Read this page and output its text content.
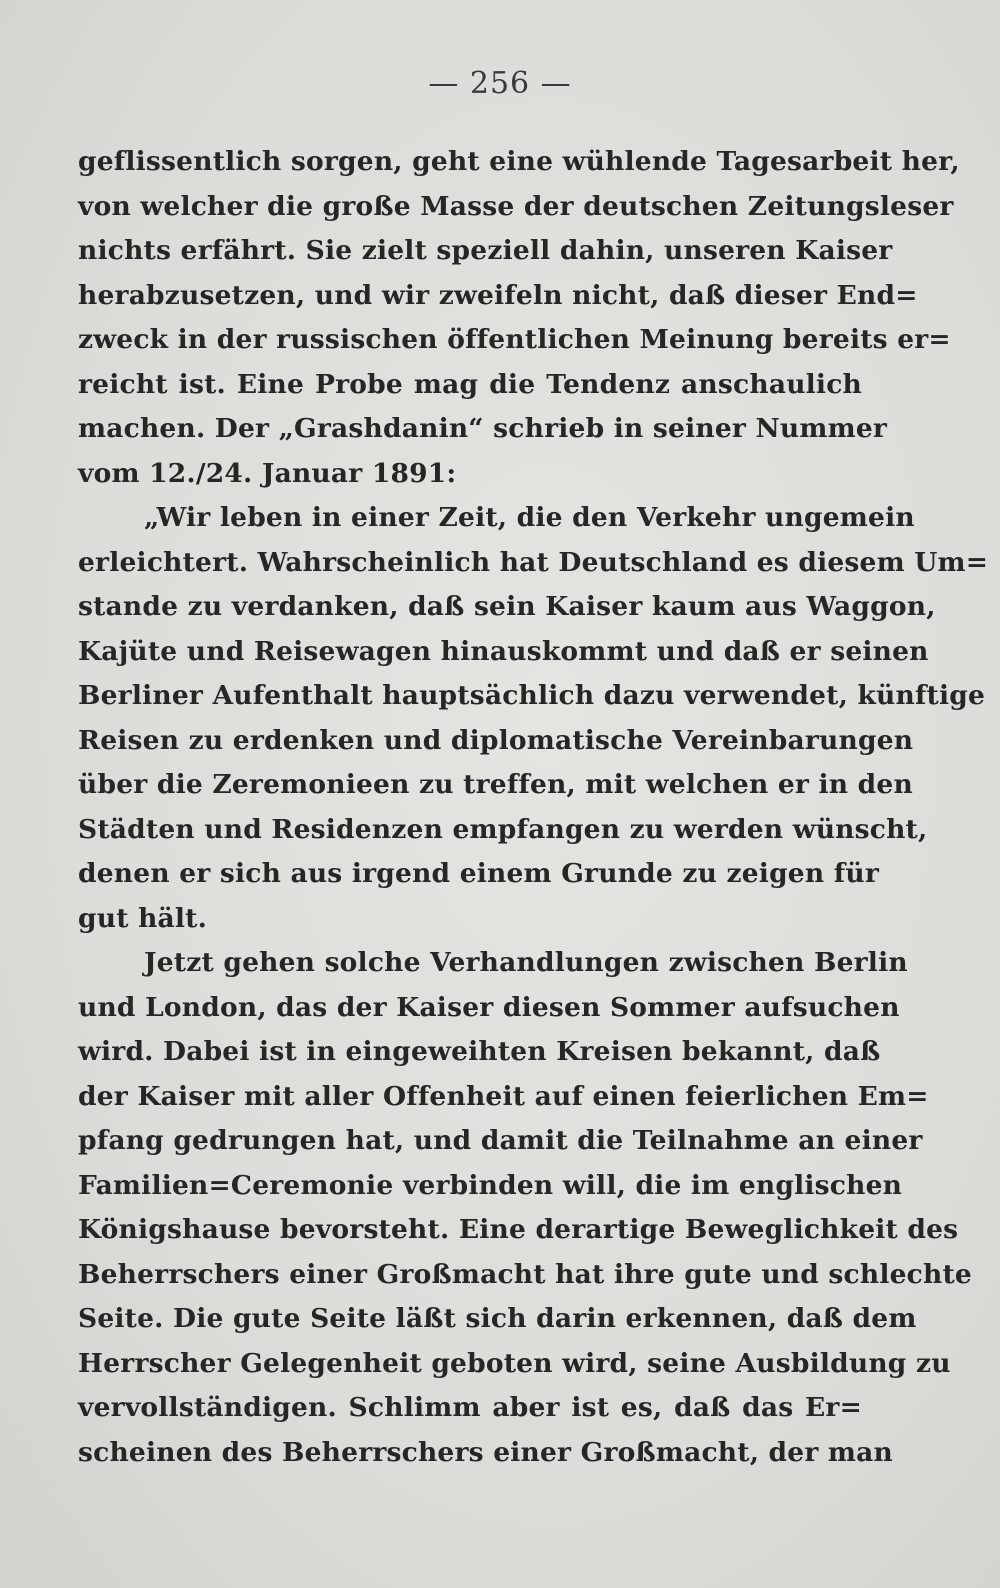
— 256 —
geflissentlich sorgen, geht eine wühlende Tagesarbeit her,
von welcher die große Masse der deutschen Zeitungsleser
nichts erfährt. Sie zielt speziell dahin, unseren Kaiser
herabzusetzen, und wir zweifeln nicht, daß dieser End=
zweck in der russischen öffentlichen Meinung bereits er=
reicht ist. Eine Probe mag die Tendenz anschaulich
machen. Der „Grashdanin“ schrieb in seiner Nummer
vom 12./24. Januar 1891:
„Wir leben in einer Zeit, die den Verkehr ungemein
erleichtert. Wahrscheinlich hat Deutschland es diesem Um=
stande zu verdanken, daß sein Kaiser kaum aus Waggon,
Kajüte und Reisewagen hinauskommt und daß er seinen
Berliner Aufenthalt hauptsächlich dazu verwendet, künftige
Reisen zu erdenken und diplomatische Vereinbarungen
über die Zeremonieen zu treffen, mit welchen er in den
Städten und Residenzen empfangen zu werden wünscht,
denen er sich aus irgend einem Grunde zu zeigen für
gut hält.
Jetzt gehen solche Verhandlungen zwischen Berlin
und London, das der Kaiser diesen Sommer aufsuchen
wird. Dabei ist in eingeweihten Kreisen bekannt, daß
der Kaiser mit aller Offenheit auf einen feierlichen Em=
pfang gedrungen hat, und damit die Teilnahme an einer
Familien=Ceremonie verbinden will, die im englischen
Königshause bevorsteht. Eine derartige Beweglichkeit des
Beherrschers einer Großmacht hat ihre gute und schlechte
Seite. Die gute Seite läßt sich darin erkennen, daß dem
Herrscher Gelegenheit geboten wird, seine Ausbildung zu
vervollständigen. Schlimm aber ist es, daß das Er=
scheinen des Beherrschers einer Großmacht, der man
